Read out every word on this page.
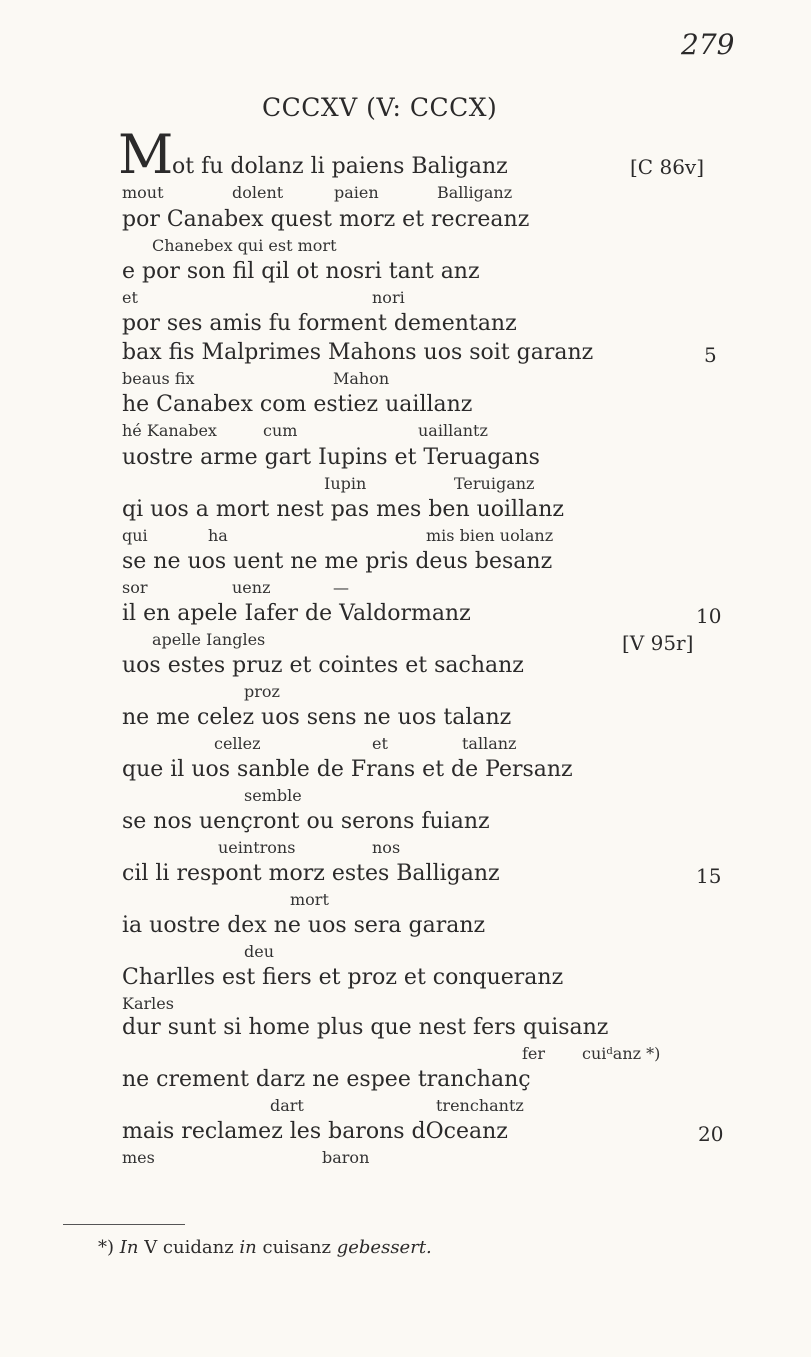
279
CCCXV (V: CCCX)
M
ot fu dolanz li paiens Baliganz
mout	dolent	paien	Balliganz
[C 86v]
por Canabex quest morz et recreanz
Chanebex qui est mort
e por son fil qil ot nosri tant anz
et	nori
por ses amis fu forment dementanz
bax fis Malprimes Mahons uos soit garanz
beaus fix	Mahon
5
he Canabex com estiez uaillanz
hé Kanabex	cum	uaillantz
uostre arme gart Iupins et Teruagans
Iupin	Teruiganz
qi uos a mort nest pas mes ben uoillanz
qui	ha	mis bien uolanz
se ne uos uent ne me pris deus besanz
sor	uenz	—
il en apele Iafer de Valdormanz
apelle Iangles
10
[V 95r]
uos estes pruz et cointes et sachanz
proz
ne me celez uos sens ne uos talanz
cellez	et	tallanz
que il uos sanble de Frans et de Persanz
semble
se nos uençront ou serons fuianz
ueintrons	nos
cil li respont morz estes Balliganz
mort
15
ia uostre dex ne uos sera garanz
deu
Charlles est fiers et proz et conqueranz
Karles
dur sunt si home plus que nest fers quisanz
fer cuiᵈanz *)
ne crement darz ne espee tranchanç
dart	trenchantz
mais reclamez les barons dOceanz
mes	baron
20
*) In V cuidanz in cuisanz gebessert.
